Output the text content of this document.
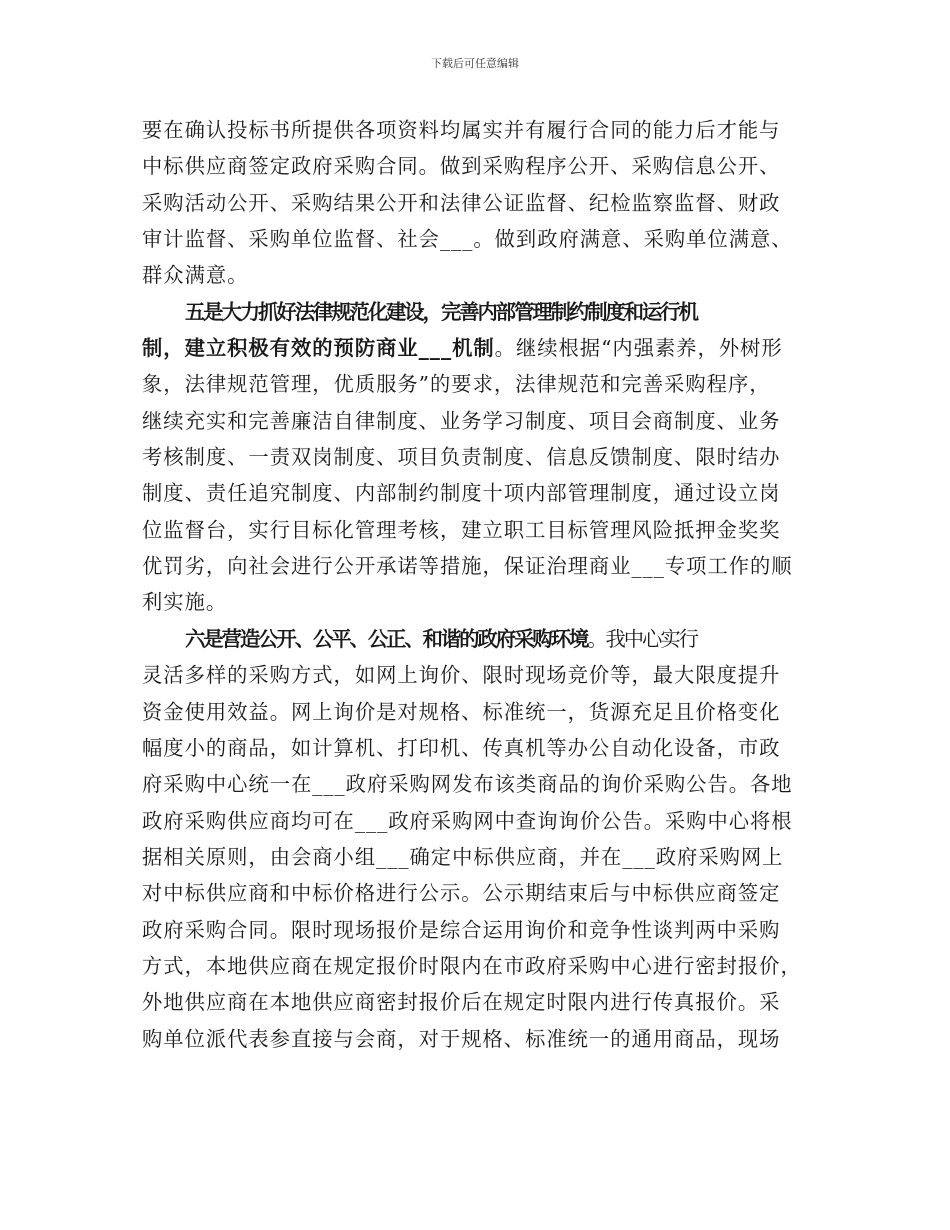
下载后可任意编辑
要在确认投标书所提供各项资料均属实并有履行合同的能力后才能与
中标供应商签定政府采购合同。做到采购程序公开、采购信息公开、
采购活动公开、采购结果公开和法律公证监督、纪检监察监督、财政
审计监督、采购单位监督、社会___。做到政府满意、采购单位满意、
群众满意。
五是大力抓好法律规范化建设，完善内部管理制约制度和运行机
制，建立积极有效的预防商业___机制。继续根据“内强素养，外树形
象，法律规范管理，优质服务”的要求，法律规范和完善采购程序，
继续充实和完善廉洁自律制度、业务学习制度、项目会商制度、业务
考核制度、一责双岗制度、项目负责制度、信息反馈制度、限时结办
制度、责任追究制度、内部制约制度十项内部管理制度，通过设立岗
位监督台，实行目标化管理考核，建立职工目标管理风险抵押金奖奖
优罚劣，向社会进行公开承诺等措施，保证治理商业___专项工作的顺
利实施。
六是营造公开、公平、公正、和谐的政府采购环境。我中心实行
灵活多样的采购方式，如网上询价、限时现场竞价等，最大限度提升
资金使用效益。网上询价是对规格、标准统一，货源充足且价格变化
幅度小的商品，如计算机、打印机、传真机等办公自动化设备，市政
府采购中心统一在___政府采购网发布该类商品的询价采购公告。各地
政府采购供应商均可在___政府采购网中查询询价公告。采购中心将根
据相关原则，由会商小组___确定中标供应商，并在___政府采购网上
对中标供应商和中标价格进行公示。公示期结束后与中标供应商签定
政府采购合同。限时现场报价是综合运用询价和竞争性谈判两中采购
方式，本地供应商在规定报价时限内在市政府采购中心进行密封报价，
外地供应商在本地供应商密封报价后在规定时限内进行传真报价。采
购单位派代表参直接与会商，对于规格、标准统一的通用商品，现场
